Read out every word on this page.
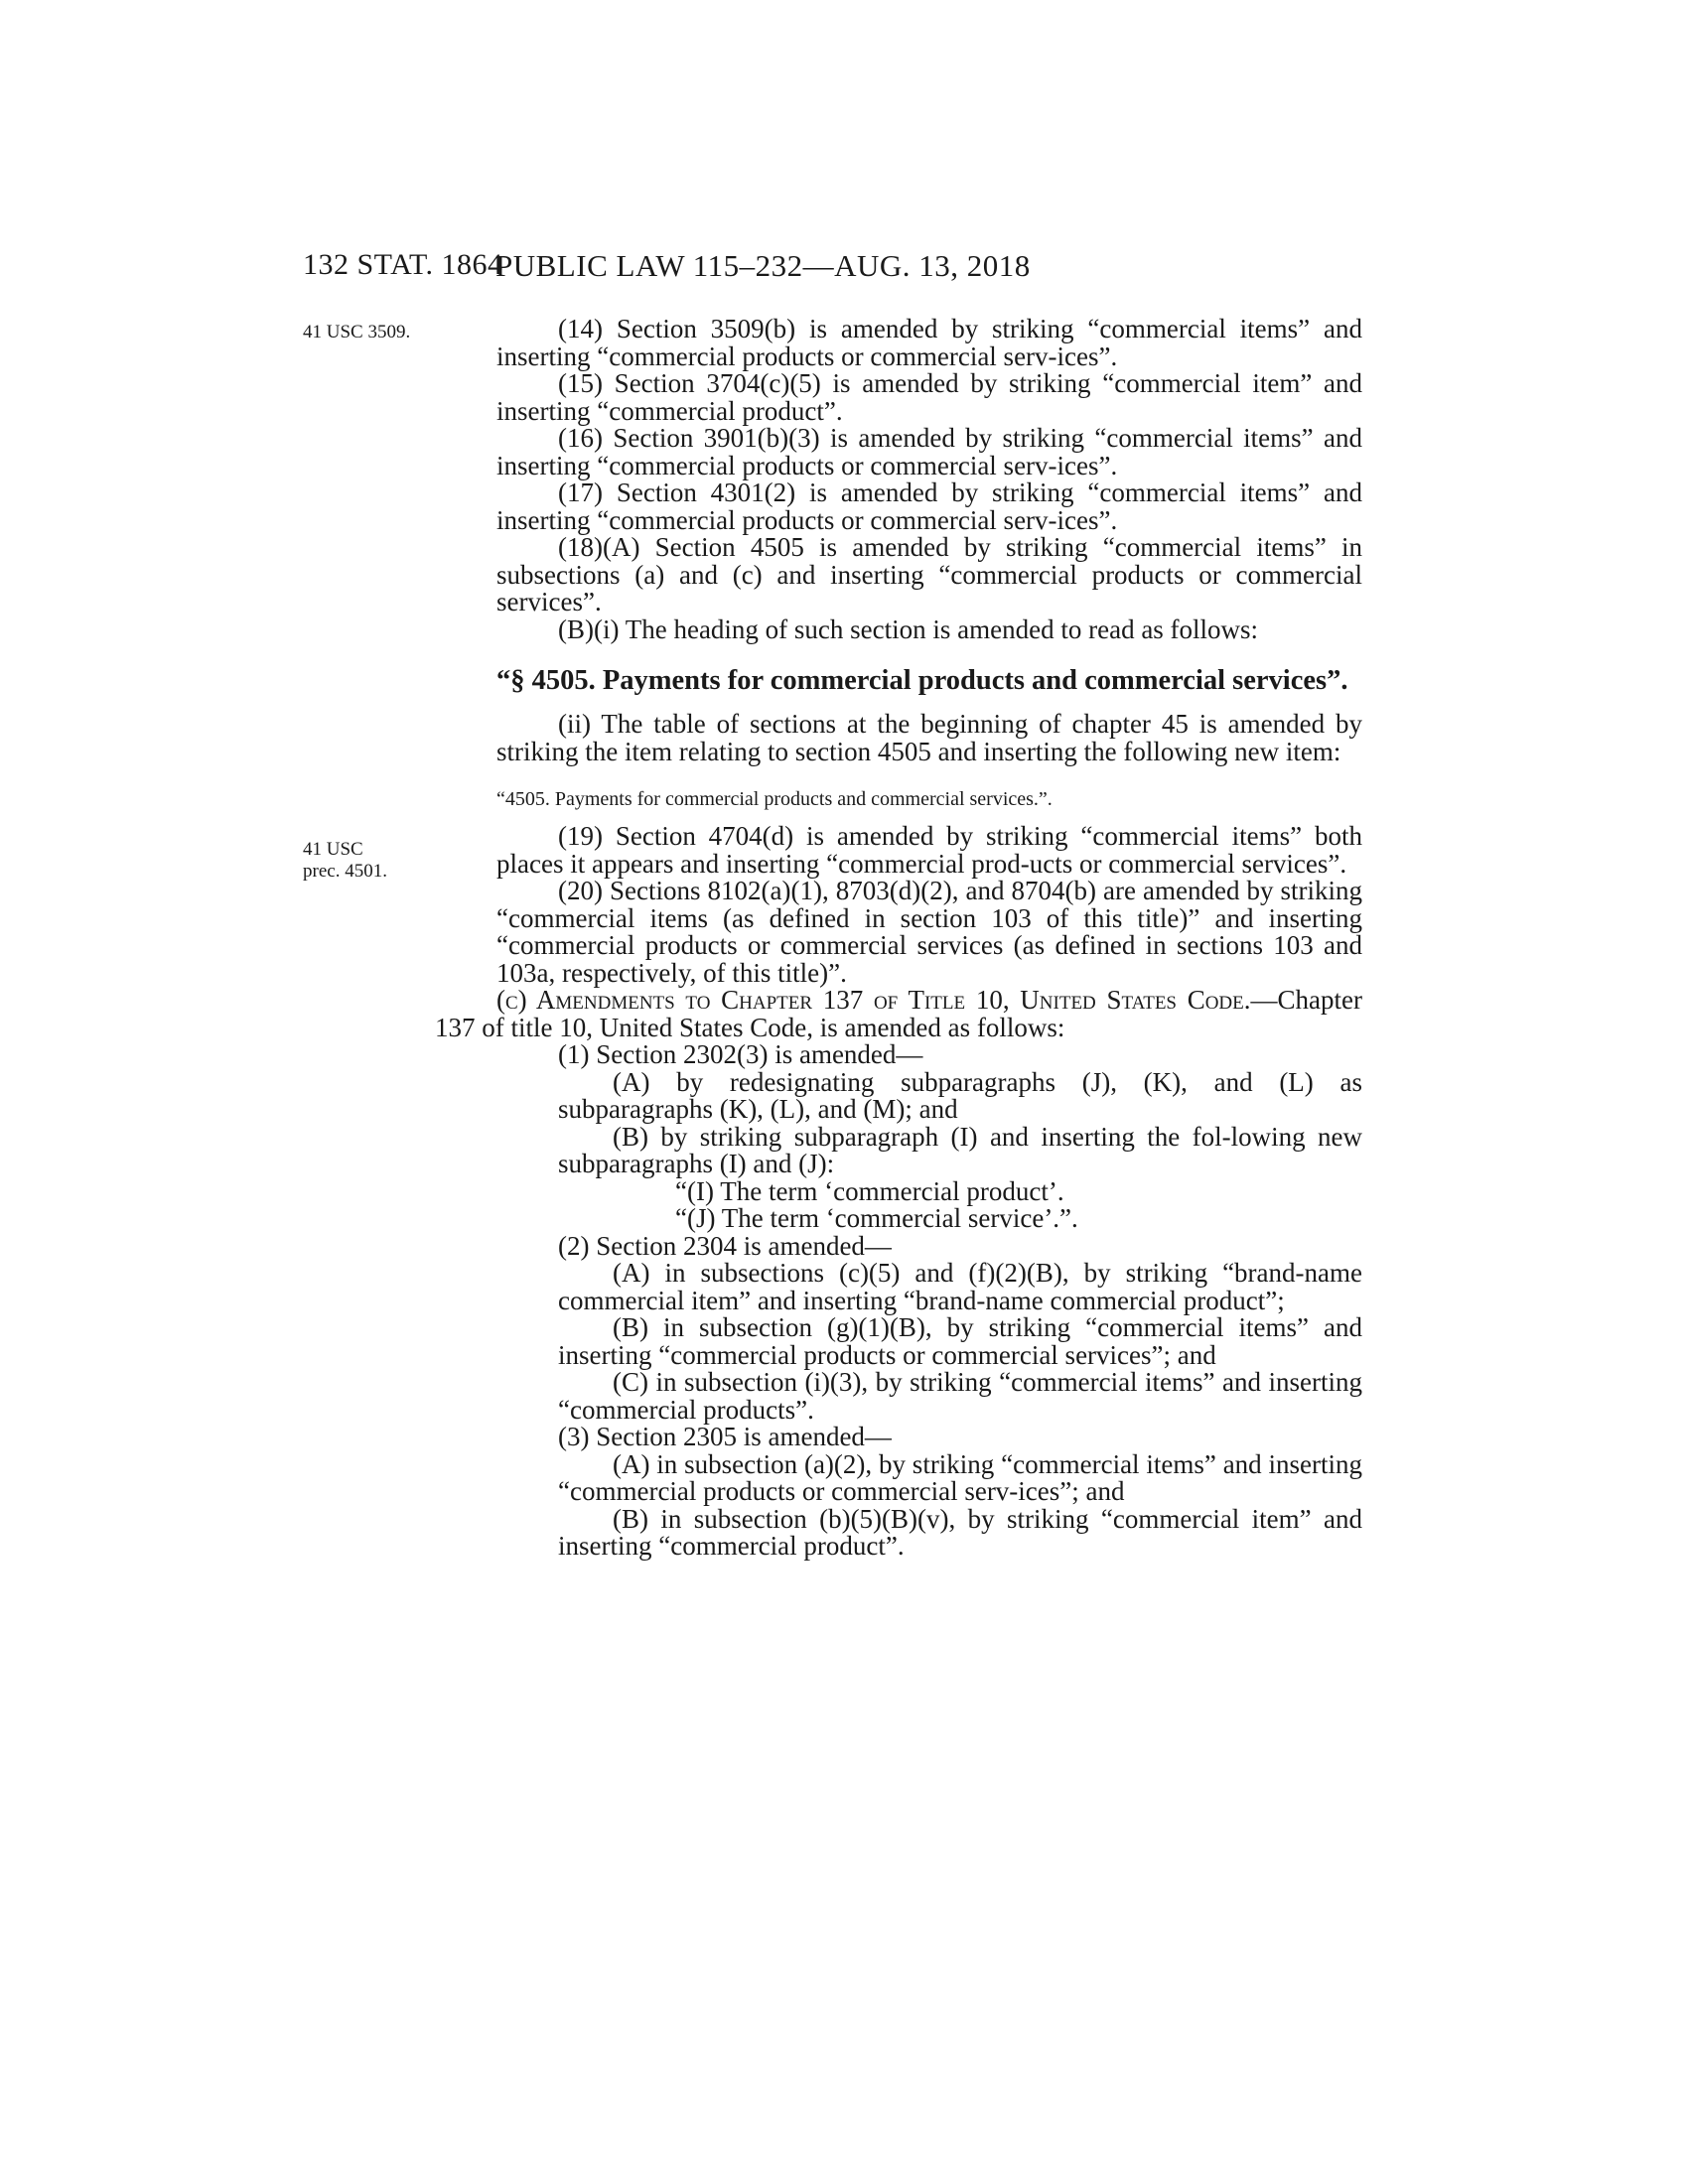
132 STAT. 1864
PUBLIC LAW 115–232—AUG. 13, 2018
41 USC 3509.
41 USC
prec. 4501.
(14) Section 3509(b) is amended by striking “commercial items” and inserting “commercial products or commercial serv-ices”.
(15) Section 3704(c)(5) is amended by striking “commercial item” and inserting “commercial product”.
(16) Section 3901(b)(3) is amended by striking “commercial items” and inserting “commercial products or commercial serv-ices”.
(17) Section 4301(2) is amended by striking “commercial items” and inserting “commercial products or commercial serv-ices”.
(18)(A) Section 4505 is amended by striking “commercial items” in subsections (a) and (c) and inserting “commercial products or commercial services”.
(B)(i) The heading of such section is amended to read as follows:
“§ 4505. Payments for commercial products and commercial services”.
(ii) The table of sections at the beginning of chapter 45 is amended by striking the item relating to section 4505 and inserting the following new item:
“4505. Payments for commercial products and commercial services.”.
(19) Section 4704(d) is amended by striking “commercial items” both places it appears and inserting “commercial prod-ucts or commercial services”.
(20) Sections 8102(a)(1), 8703(d)(2), and 8704(b) are amended by striking “commercial items (as defined in section 103 of this title)” and inserting “commercial products or commercial services (as defined in sections 103 and 103a, respectively, of this title)”.
(c) Amendments to Chapter 137 of Title 10, United States Code.—Chapter 137 of title 10, United States Code, is amended as follows:
(1) Section 2302(3) is amended—
(A) by redesignating subparagraphs (J), (K), and (L) as subparagraphs (K), (L), and (M); and
(B) by striking subparagraph (I) and inserting the fol-lowing new subparagraphs (I) and (J):
“(I) The term ‘commercial product’.
“(J) The term ‘commercial service’.”.
(2) Section 2304 is amended—
(A) in subsections (c)(5) and (f)(2)(B), by striking “brand-name commercial item” and inserting “brand-name commercial product”;
(B) in subsection (g)(1)(B), by striking “commercial items” and inserting “commercial products or commercial services”; and
(C) in subsection (i)(3), by striking “commercial items” and inserting “commercial products”.
(3) Section 2305 is amended—
(A) in subsection (a)(2), by striking “commercial items” and inserting “commercial products or commercial serv-ices”; and
(B) in subsection (b)(5)(B)(v), by striking “commercial item” and inserting “commercial product”.
